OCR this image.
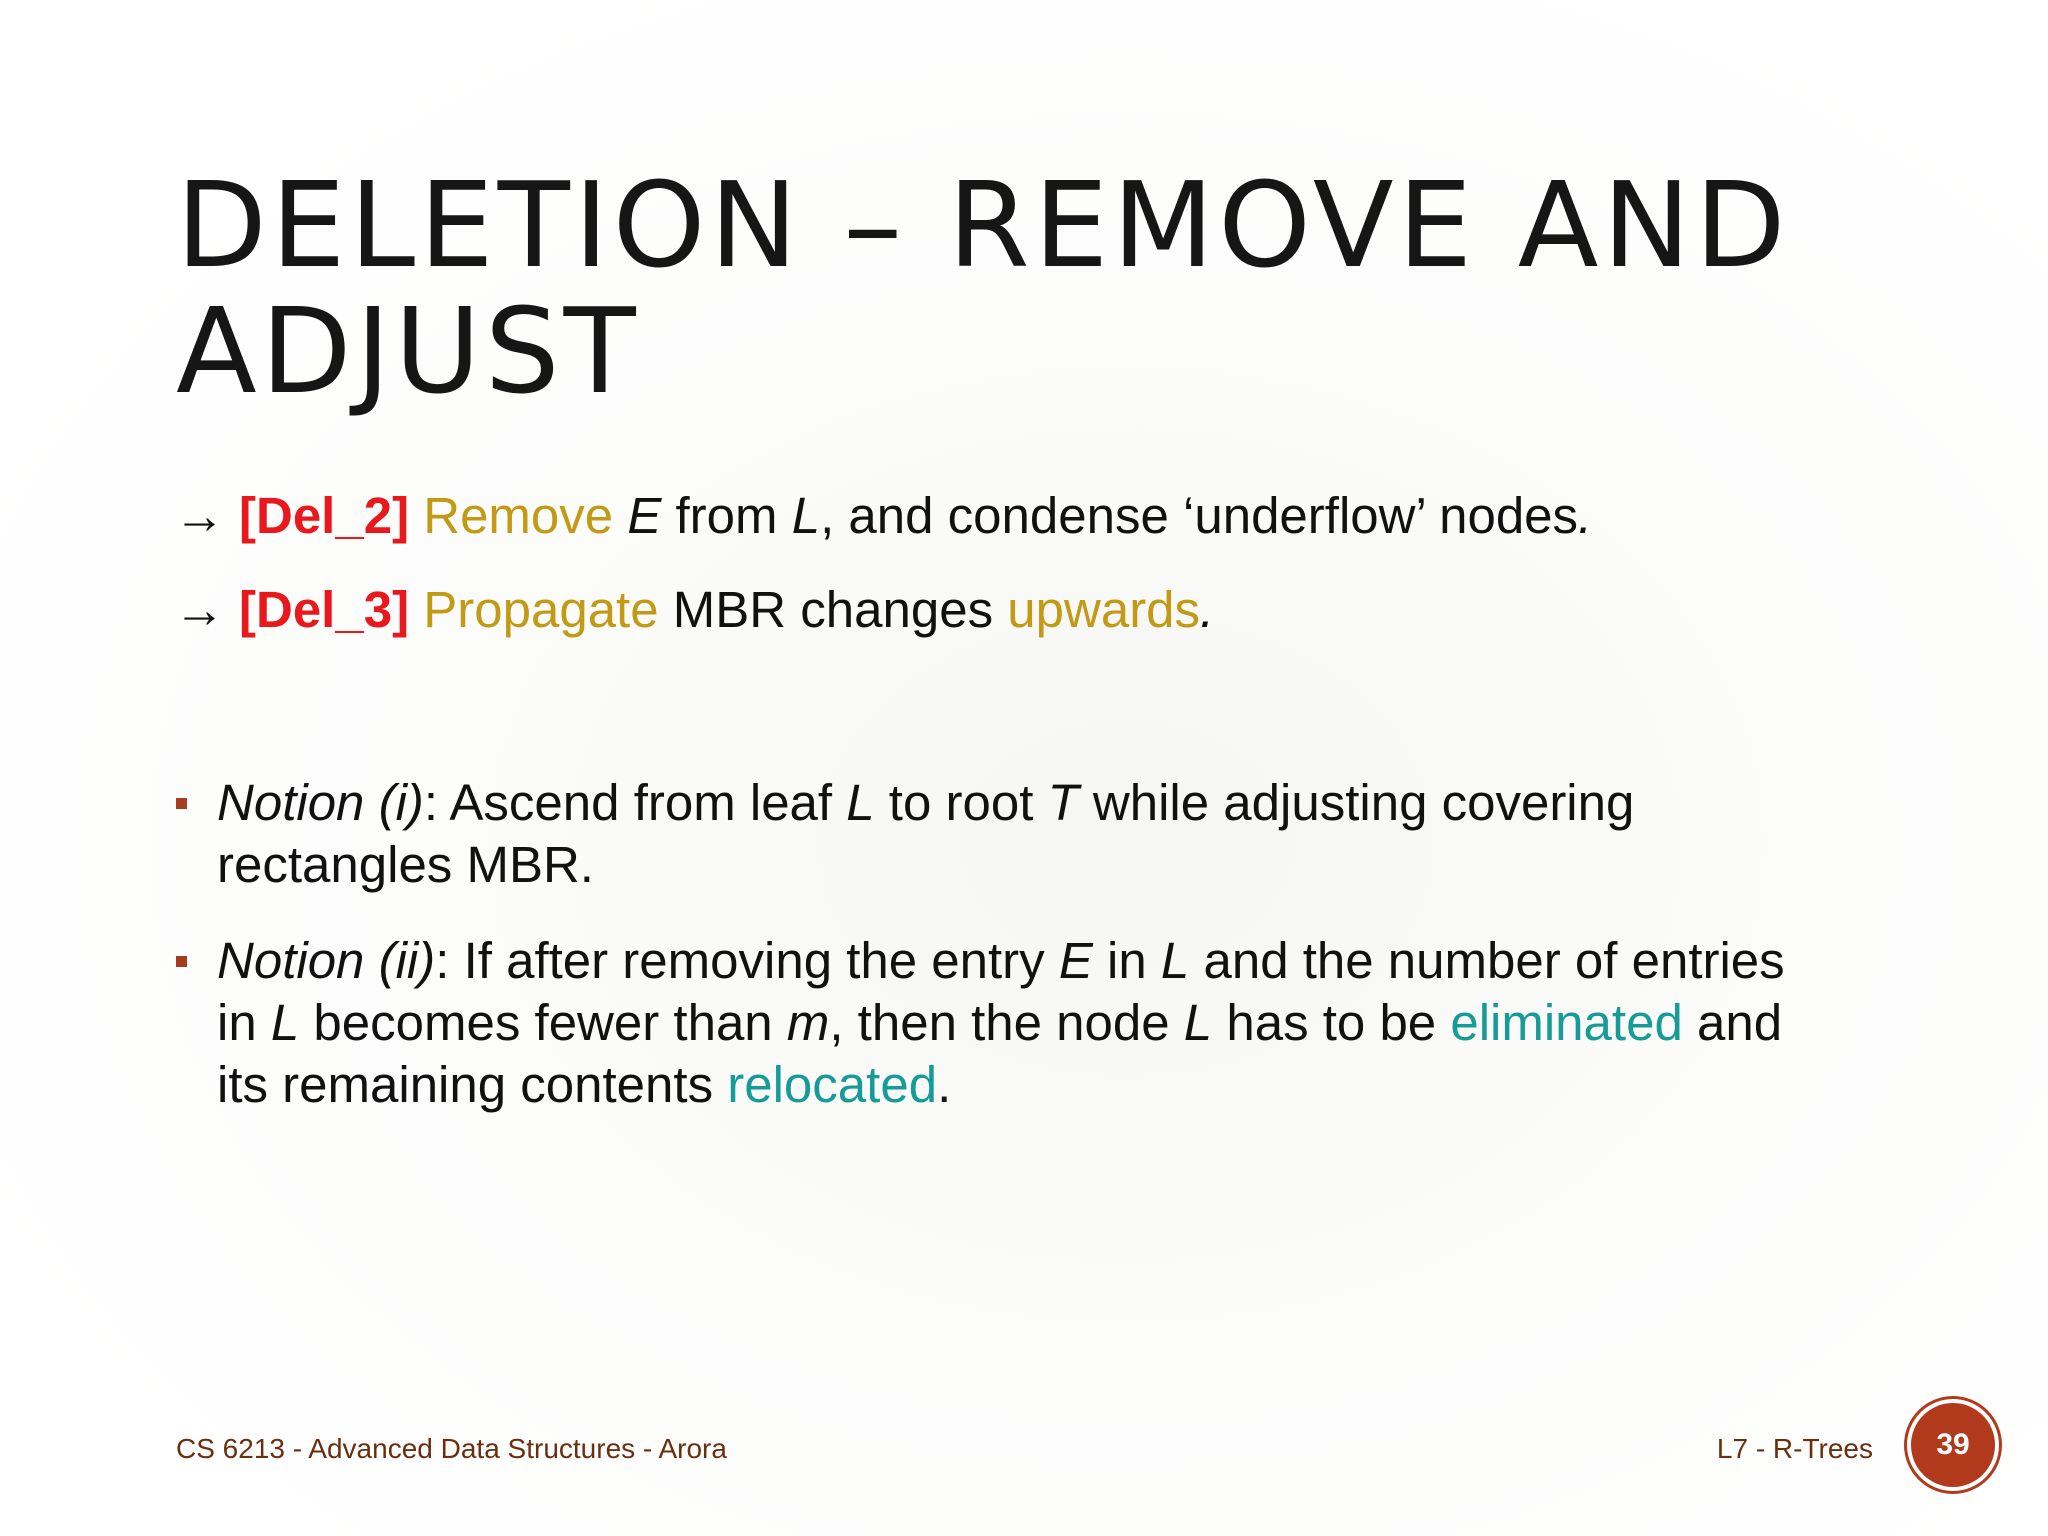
DELETION – REMOVE AND
ADJUST
→ [Del_2] Remove E from L, and condense ‘underflow’ nodes.
→ [Del_3] Propagate MBR changes upwards.
Notion (i): Ascend from leaf L to root T while adjusting covering rectangles MBR.
Notion (ii): If after removing the entry E in L and the number of entries in L becomes fewer than m, then the node L has to be eliminated and its remaining contents relocated.
CS 6213 - Advanced Data Structures - Arora	L7 - R-Trees	39
